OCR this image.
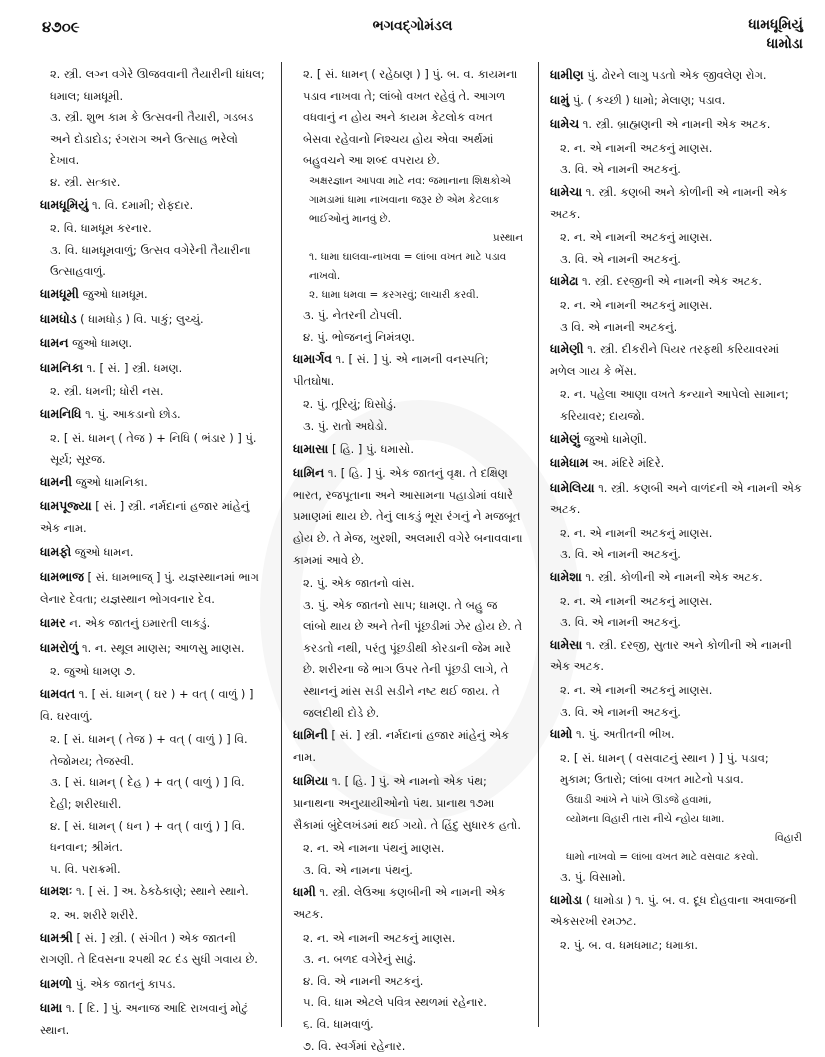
૪૭૦૯	ભગવદ્ગોમંડલ	ધામધૂમિયું
ધામોડા

૨. સ્ત્રી. લગ્ન વગેરે ઊજવવાની તૈયારીની ધાંધલ; ધમાલ; ધામધૂમી.

૩. સ્ત્રી. શુભ કામ કે ઉત્સવની તૈયારી, ગડબડ અને દોડાદોડ; રંગરાગ અને ઉત્સાહ ભરેલો દેખાવ.

૪. સ્ત્રી. સત્કાર.

ધામધૂમિયું ૧. વિ. દમામી; રોફદાર.

૨. વિ. ધામધૂમ કરનાર.

૩. વિ. ધામધૂમવાળું; ઉત્સવ વગેરેની તૈયારીના ઉત્સાહવાળું.

ધામધૂમી જુઓ ધામધૂમ.

ધામધોડ ( ધામધોડ઼ ) વિ. પાકું; લુચ્ચું.

ધામન જુઓ ધામણ.

ધામનિકા ૧. [ સં. ] સ્ત્રી. ધમણ.

૨. સ્ત્રી. ધમની; ધોરી નસ.

ધામનિધિ ૧. પું. આકડાનો છોડ.

૨. [ સં. ધામન્ ( તેજ ) + નિધિ ( ભંડાર ) ] પું. સૂર્ય; સૂરજ.

ધામની જુઓ ધામનિકા.

ધામપૂજ્યા [ સં. ] સ્ત્રી. નર્મદાનાં હજાર માંહેનું એક નામ.

ધામફો જુઓ ધામન.

ધામભાજ [ સં. ધામભાજ્ ] પું. યજ્ઞસ્થાનમાં ભાગ લેનાર દેવતા; યજ્ઞસ્થાન ભોગવનાર દેવ.

ધામર ન. એક જાતનું ઇમારતી લાકડું.

ધામરોળું ૧. ન. સ્થૂલ માણસ; આળસુ માણસ.

૨. જુઓ ધામણ ૭.

ધામવત ૧. [ સં. ધામન્ ( ઘર ) + વત્ ( વાળું ) ] વિ. ઘરવાળું.

૨. [ સં. ધામન્ ( તેજ ) + વત્ ( વાળું ) ] વિ. તેજોમય; તેજસ્વી.

૩. [ સં. ધામન્ ( દેહ ) + વત્ ( વાળું ) ] વિ. દેહી; શરીરધારી.

૪. [ સં. ધામન્ ( ધન ) + વત્ ( વાળું ) ] વિ. ધનવાન; શ્રીમંત.

૫. વિ. પરાક્રમી.

ધામશઃ ૧. [ સં. ] અ. ઠેકઠેકાણે; સ્થાને સ્થાને.

૨. અ. શરીરે શરીરે.

ધામશ્રી [ સં. ] સ્ત્રી. ( સંગીત ) એક જાતની રાગણી. તે દિવસના ૨૫થી ૨૮ દંડ સુધી ગવાય છે.

ધામળો પું. એક જાતનું કાપડ.

ધામા ૧. [ દિ. ] પું. અનાજ આદિ રાખવાનું મોટું સ્થાન.

૨. [ સં. ધામન્ ( રહેઠાણ ) ] પું. બ. વ. કાયમના પડાવ નાખવા તે; લાંબો વખત રહેવું તે. આગળ વધવાનું ન હોય અને કાયમ કેટલોક વખત બેસવા રહેવાનો નિશ્ચય હોય એવા અર્થમાં બહુવચને આ શબ્દ વપરાય છે.

અક્ષરજ્ઞાન આપવા માટે નવ: જમાનાના શિક્ષકોએ ગામડામાં ધામા નાખવાના જરૂર છે એમ કેટલાક ભાઈઓનું માનવું છે.

પ્રસ્થાન

૧. ધામા ઘાલવા-નાખવા = લાંબા વખત માટે પડાવ નાખવો.

૨. ધામા ધમવા = કરગરવું; લાચારી કરવી.

૩. પું. નેતરની ટોપલી.

૪. પું. ભોજનનું નિમંત્રણ.

ધામાર્ગવ ૧. [ સં. ] પું. એ નામની વનસ્પતિ; પીતઘોષા.

૨. પું. તૂરિયું; ઘિસોડું.

૩. પું. રાતો અઘેડો.

ધામાસા [ હિ. ] પું. ધમાસો.

ધામિન ૧. [ હિ. ] પું. એક જાતનું વૃક્ષ. તે દક્ષિણ ભારત, રજપૂતાના અને આસામના પહાડોમાં વધારે પ્રમાણમાં થાય છે. તેનું લાકડું ભૂરા રંગનું ને મજબૂત હોય છે. તે મેજ, ખુરશી, અલમારી વગેરે બનાવવાના કામમાં આવે છે.

૨. પું. એક જાતનો વાંસ.

૩. પું. એક જાતનો સાપ; ધામણ. તે બહુ જ લાંબો થાય છે અને તેની પૂંછડીમાં ઝેર હોય છે. તે કરડતો નથી, પરંતુ પૂંછડીથી કોરડાની જેમ મારે છે. શરીરના જે ભાગ ઉપર તેની પૂંછડી લાગે, તે સ્થાનનું માંસ સડી સડીને નષ્ટ થઈ જાય. તે જલદીથી દોડે છે.

ધામિની [ સં. ] સ્ત્રી. નર્મદાનાં હજાર માંહેનું એક નામ.

ધામિયા ૧. [ હિ. ] પું. એ નામનો એક પંથ; પ્રાનાથના અનુયાયીઓનો પંથ. પ્રાનાથ ૧૭મા સૈકામાં બુંદેલખંડમાં થઈ ગયો. તે હિંદુ સુધારક હતો.

૨. ન. એ નામના પંથનું માણસ.

૩. વિ. એ નામના પંથનું.

ધામી ૧. સ્ત્રી. લેઉઆ કણબીની એ નામની એક અટક.

૨. ન. એ નામની અટકનું માણસ.

૩. ન. બળદ વગેરેનું સાઢું.

૪. વિ. એ નામની અટકનું.

૫. વિ. ધામ એટલે પવિત્ર સ્થળમાં રહેનાર.

૬. વિ. ધામવાળું.

૭. વિ. સ્વર્ગમાં રહેનાર.

ધામીણ પું. ઢોરને લાગુ પડતો એક જીવલેણ રોગ.

ધામું પું. ( કચ્છી ) ધામો; મેલાણ; પડાવ.

ધામેચ ૧. સ્ત્રી. બ્રાહ્મણની એ નામની એક અટક.

૨. ન. એ નામની અટકનું માણસ.

૩. વિ. એ નામની અટકનું.

ધામેચા ૧. સ્ત્રી. કણબી અને કોળીની એ નામની એક અટક.

૨. ન. એ નામની અટકનું માણસ.

૩. વિ. એ નામની અટકનું.

ધામેઢા ૧. સ્ત્રી. દરજીની એ નામની એક અટક.

૨. ન. એ નામની અટકનું માણસ.

૩ વિ. એ નામની અટકનું.

ધામેણી ૧. સ્ત્રી. દીકરીને પિયર તરફથી કરિયાવરમાં મળેલ ગાય કે ભેંસ.

૨. ન. પહેલા આણા વખતે કન્યાને આપેલો સામાન; કરિયાવર; દાયજો.

ધામેણું જુઓ ધામેણી.

ધામેધામ અ. મંદિરે મંદિરે.

ધામેલિયા ૧. સ્ત્રી. કણબી અને વાળંદની એ નામની એક અટક.

૨. ન. એ નામની અટકનું માણસ.

૩. વિ. એ નામની અટકનું.

ધામેશા ૧. સ્ત્રી. કોળીની એ નામની એક અટક.

૨. ન. એ નામની અટકનું માણસ.

૩. વિ. એ નામની અટકનું.

ધામેસા ૧. સ્ત્રી. દરજી, સુતાર અને કોળીની એ નામની એક અટક.

૨. ન. એ નામની અટકનું માણસ.

૩. વિ. એ નામની અટકનું.

ધામો ૧. પું. અતીતની ભીખ.

૨. [ સં. ધામન્ ( વસવાટનું સ્થાન ) ] પું. પડાવ; મુકામ; ઉતારો; લાંબા વખત માટેનો પડાવ.

ઉઘાડી આંખે ને પાંખે ઊડજે હવામાં,

વ્યોમના વિહારી તારા નીચે ન્હોય ધામા.

વિહારી

ધામો નાખવો = લાંબા વખત માટે વસવાટ કરવો.

૩. પું. વિસામો.

ધામોડા ( ધામોડા ) ૧. પું. બ. વ. દૂધ દોહવાના અવાજની એકસરખી રમઝટ.

૨. પું. બ. વ. ધમધમાટ; ધમાકા.
